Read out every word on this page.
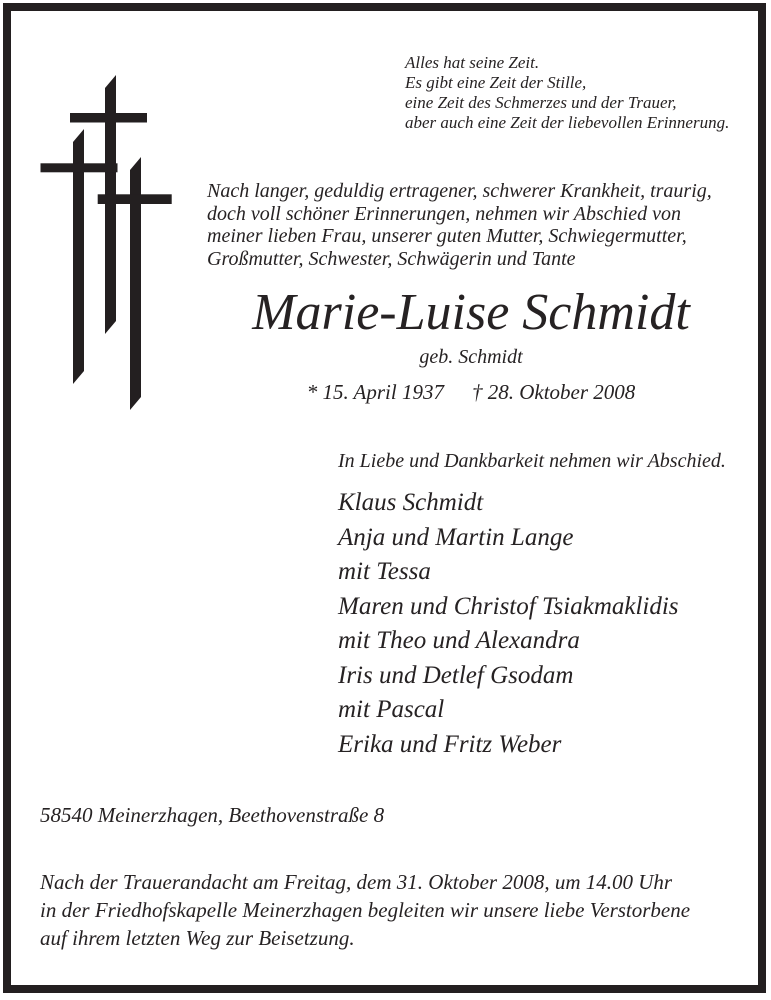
Alles hat seine Zeit.
Es gibt eine Zeit der Stille,
eine Zeit des Schmerzes und der Trauer,
aber auch eine Zeit der liebevollen Erinnerung.
Nach langer, geduldig ertragener, schwerer Krankheit, traurig,
doch voll schöner Erinnerungen, nehmen wir Abschied von
meiner lieben Frau, unserer guten Mutter, Schwiegermutter,
Großmutter, Schwester, Schwägerin und Tante
Marie-Luise Schmidt
geb. Schmidt
* 15. April 1937 † 28. Oktober 2008
In Liebe und Dankbarkeit nehmen wir Abschied.
Klaus Schmidt
Anja und Martin Lange
mit Tessa
Maren und Christof Tsiakmaklidis
mit Theo und Alexandra
Iris und Detlef Gsodam
mit Pascal
Erika und Fritz Weber
58540 Meinerzhagen, Beethovenstraße 8
Nach der Trauerandacht am Freitag, dem 31. Oktober 2008, um 14.00 Uhr
in der Friedhofskapelle Meinerzhagen begleiten wir unsere liebe Verstorbene
auf ihrem letzten Weg zur Beisetzung.
